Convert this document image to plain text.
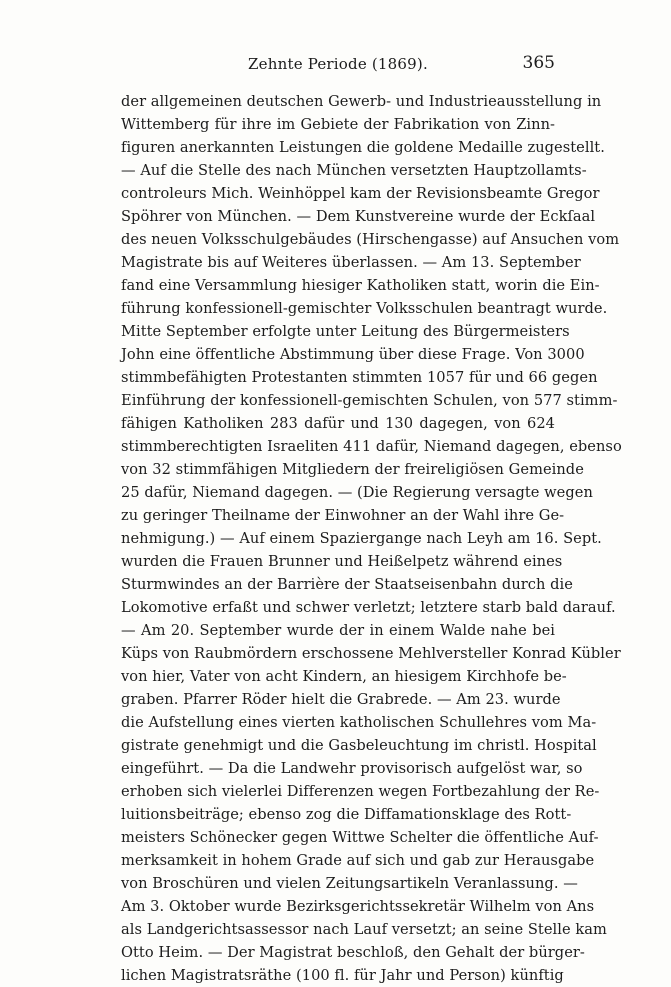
Zehnte Periode (1869).	365
der allgemeinen deutschen Gewerb- und Industrieausstellung in
Wittemberg für ihre im Gebiete der Fabrikation von Zinn-
figuren anerkannten Leistungen die goldene Medaille zugestellt.
— Auf die Stelle des nach München versetzten Hauptzollamts-
controleurs Mich. Weinhöppel kam der Revisionsbeamte Gregor
Spöhrer von München. — Dem Kunstvereine wurde der Eckſaal
des neuen Volksschulgebäudes (Hirschengasse) auf Ansuchen vom
Magistrate bis auf Weiteres überlassen. — Am 13. September
fand eine Versammlung hiesiger Katholiken statt, worin die Ein-
führung konfessionell-gemischter Volksschulen beantragt wurde.
Mitte September erfolgte unter Leitung des Bürgermeisters
John eine öffentliche Abstimmung über diese Frage. Von 3000
stimmbefähigten Protestanten stimmten 1057 für und 66 gegen
Einführung der konfessionell-gemischten Schulen, von 577 stimm-
fähigen Katholiken 283 dafür und 130 dagegen, von 624
stimmberechtigten Israeliten 411 dafür, Niemand dagegen, ebenso
von 32 stimmfähigen Mitgliedern der freireligiösen Gemeinde
25 dafür, Niemand dagegen. — (Die Regierung versagte wegen
zu geringer Theilname der Einwohner an der Wahl ihre Ge-
nehmigung.) — Auf einem Spaziergange nach Leyh am 16. Sept.
wurden die Frauen Brunner und Heißelpetz während eines
Sturmwindes an der Barrière der Staatseisenbahn durch die
Lokomotive erfaßt und schwer verletzt; letztere starb bald darauf.
— Am 20. September wurde der in einem Walde nahe bei
Küps von Raubmördern erschossene Mehlversteller Konrad Kübler
von hier, Vater von acht Kindern, an hiesigem Kirchhofe be-
graben. Pfarrer Röder hielt die Grabrede. — Am 23. wurde
die Aufstellung eines vierten katholischen Schullehres vom Ma-
gistrate genehmigt und die Gasbeleuchtung im christl. Hospital
eingeführt. — Da die Landwehr provisorisch aufgelöst war, so
erhoben sich vielerlei Differenzen wegen Fortbezahlung der Re-
luitionsbeiträge; ebenso zog die Diffamationsklage des Rott-
meisters Schönecker gegen Wittwe Schelter die öffentliche Auf-
merksamkeit in hohem Grade auf sich und gab zur Herausgabe
von Broschüren und vielen Zeitungsartikeln Veranlassung. —
Am 3. Oktober wurde Bezirksgerichtssekretär Wilhelm von Ans
als Landgerichtsassessor nach Lauf versetzt; an seine Stelle kam
Otto Heim. — Der Magistrat beschloß, den Gehalt der bürger-
lichen Magistratsräthe (100 fl. für Jahr und Person) künftig
